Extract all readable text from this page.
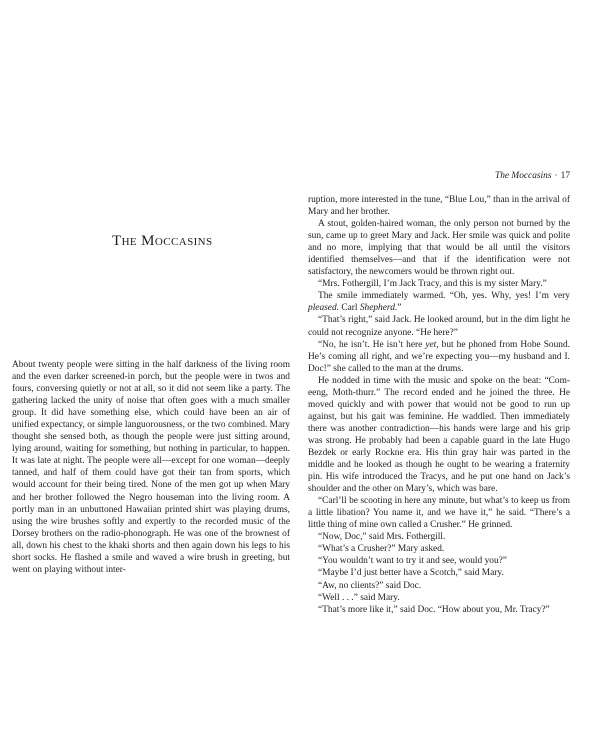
The Moccasins

About twenty people were sitting in the half darkness of the living room and the even darker screened-in porch, but the people were in twos and fours, conversing quietly or not at all, so it did not seem like a party. The gathering lacked the unity of noise that often goes with a much smaller group. It did have something else, which could have been an air of unified expectancy, or simple languorousness, or the two combined. Mary thought she sensed both, as though the people were just sitting around, lying around, waiting for something, but nothing in particular, to happen. It was late at night. The people were all—except for one woman—deeply tanned, and half of them could have got their tan from sports, which would account for their being tired. None of the men got up when Mary and her brother followed the Negro houseman into the living room. A portly man in an unbuttoned Hawaiian printed shirt was playing drums, using the wire brushes softly and expertly to the recorded music of the Dorsey brothers on the radio-phonograph. He was one of the brownest of all, down his chest to the khaki shorts and then again down his legs to his short socks. He flashed a smile and waved a wire brush in greeting, but went on playing without inter-

The Moccasins · 17

ruption, more interested in the tune, “Blue Lou,” than in the arrival of Mary and her brother.

A stout, golden-haired woman, the only person not burned by the sun, came up to greet Mary and Jack. Her smile was quick and polite and no more, implying that that would be all until the visitors identified themselves—and that if the identification were not satisfactory, the newcomers would be thrown right out.

“Mrs. Fothergill, I’m Jack Tracy, and this is my sister Mary.”

The smile immediately warmed. “Oh, yes. Why, yes! I’m very pleased. Carl Shepherd.”

“That’s right,” said Jack. He looked around, but in the dim light he could not recognize anyone. “He here?”

“No, he isn’t. He isn’t here yet, but he phoned from Hobe Sound. He’s coming all right, and we’re expecting you—my husband and I. Doc!” she called to the man at the drums.

He nodded in time with the music and spoke on the beat: “Com-eeng, Moth-thurr.” The record ended and he joined the three. He moved quickly and with power that would not be good to run up against, but his gait was feminine. He waddled. Then immediately there was another contradiction—his hands were large and his grip was strong. He probably had been a capable guard in the late Hugo Bezdek or early Rockne era. His thin gray hair was parted in the middle and he looked as though he ought to be wearing a fraternity pin. His wife introduced the Tracys, and he put one hand on Jack’s shoulder and the other on Mary’s, which was bare.

“Carl’ll be scooting in here any minute, but what’s to keep us from a little libation? You name it, and we have it,” he said. “There’s a little thing of mine own called a Crusher.” He grinned.

“Now, Doc,” said Mrs. Fothergill.

“What’s a Crusher?” Mary asked.

“You wouldn’t want to try it and see, would you?”

“Maybe I’d just better have a Scotch,” said Mary.

“Aw, no clients?” said Doc.

“Well . . .” said Mary.

“That’s more like it,” said Doc. “How about you, Mr. Tracy?”
